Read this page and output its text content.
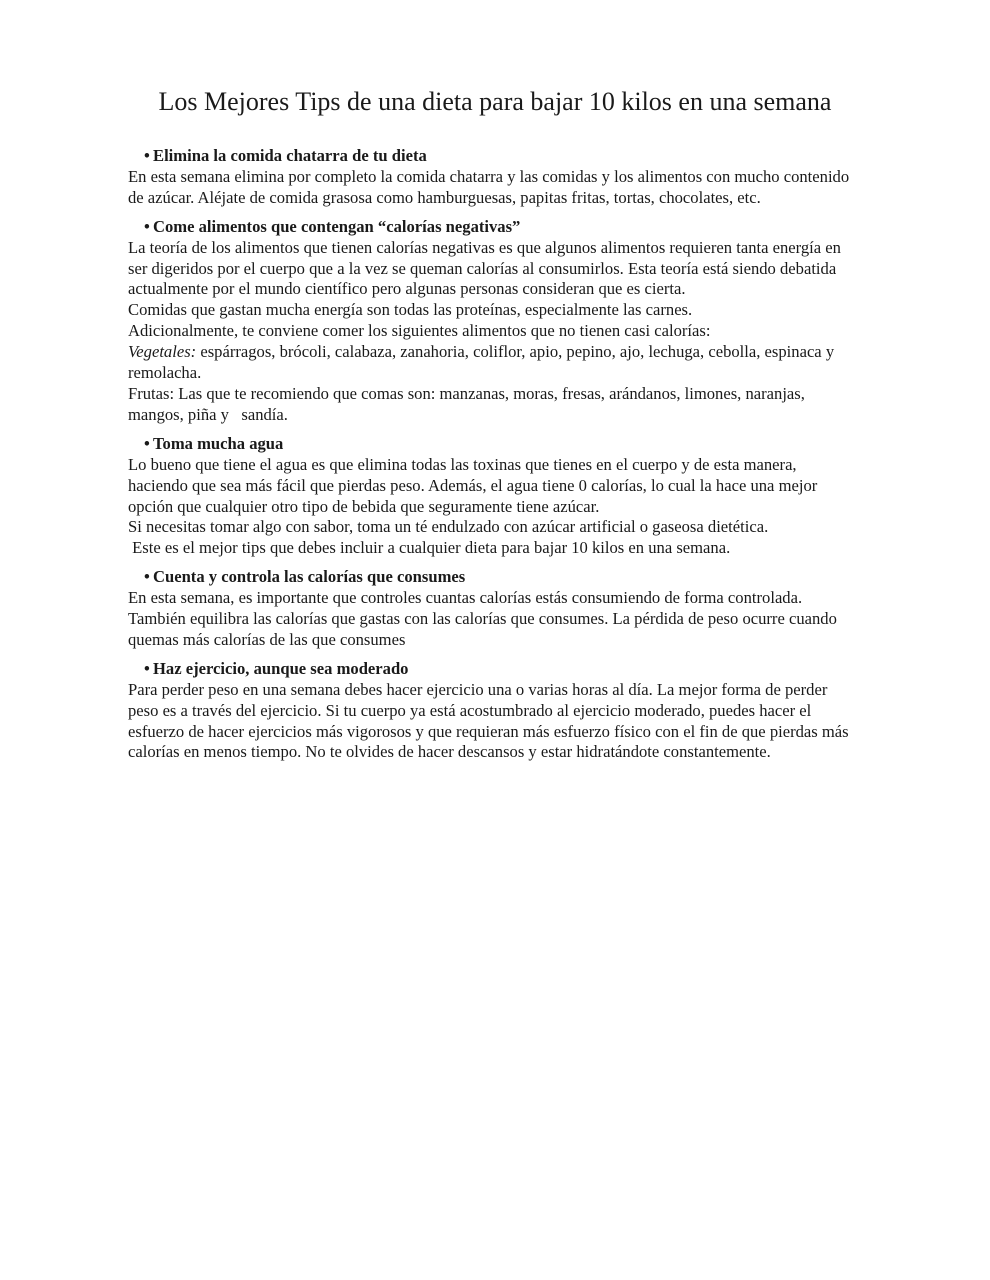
Los Mejores Tips de una dieta para bajar 10 kilos en una semana

• Elimina la comida chatarra de tu dieta

En esta semana elimina por completo la comida chatarra y las comidas y los alimentos con mucho contenido de azúcar. Aléjate de comida grasosa como hamburguesas, papitas fritas, tortas, chocolates, etc.

• Come alimentos que contengan “calorías negativas”

La teoría de los alimentos que tienen calorías negativas es que algunos alimentos requieren tanta energía en ser digeridos por el cuerpo que a la vez se queman calorías al consumirlos. Esta teoría está siendo debatida actualmente por el mundo científico pero algunas personas consideran que es cierta.

Comidas que gastan mucha energía son todas las proteínas, especialmente las carnes.

Adicionalmente, te conviene comer los siguientes alimentos que no tienen casi calorías:

Vegetales: espárragos, brócoli, calabaza, zanahoria, coliflor, apio, pepino, ajo, lechuga, cebolla, espinaca y remolacha.

Frutas: Las que te recomiendo que comas son: manzanas, moras, fresas, arándanos, limones, naranjas, mangos, piña y   sandía.

• Toma mucha agua

Lo bueno que tiene el agua es que elimina todas las toxinas que tienes en el cuerpo y de esta manera, haciendo que sea más fácil que pierdas peso. Además, el agua tiene 0 calorías, lo cual la hace una mejor opción que cualquier otro tipo de bebida que seguramente tiene azúcar.

Si necesitas tomar algo con sabor, toma un té endulzado con azúcar artificial o gaseosa dietética.

Este es el mejor tips que debes incluir a cualquier dieta para bajar 10 kilos en una semana.

• Cuenta y controla las calorías que consumes

En esta semana, es importante que controles cuantas calorías estás consumiendo de forma controlada. También equilibra las calorías que gastas con las calorías que consumes. La pérdida de peso ocurre cuando quemas más calorías de las que consumes

• Haz ejercicio, aunque sea moderado

Para perder peso en una semana debes hacer ejercicio una o varias horas al día. La mejor forma de perder peso es a través del ejercicio. Si tu cuerpo ya está acostumbrado al ejercicio moderado, puedes hacer el esfuerzo de hacer ejercicios más vigorosos y que requieran más esfuerzo físico con el fin de que pierdas más calorías en menos tiempo. No te olvides de hacer descansos y estar hidratándote constantemente.
